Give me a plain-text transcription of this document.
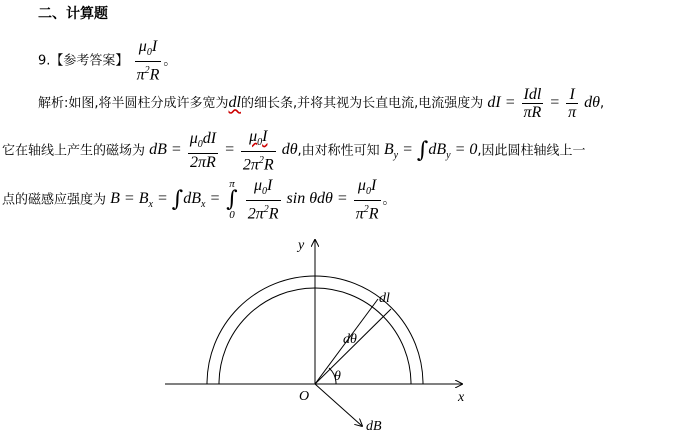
二、计算题
9.【参考答案】 $\frac{\mu_0I}{\pi^2R}$ 。
解析:如图,将半圆柱分成许多宽为dl的细长条,并将其视为长直电流,电流强度为 dI = $\frac{\text{Idl}}{\pi R} = \frac{I}{\pi} d\theta$,
它在轴线上产生的磁场为 dB = $\frac{\mu_0dI}{2\pi R} = \frac{\mu_0I}{2\pi^2R} d\theta$,由对称性可知 $B_y = \int dB_y = 0$,因此圆柱轴线上一
点的磁感应强度为 $B = B_x = \int dB_x$ =
π
∫
0
$\frac{\mu_0I}{2\pi^2R}$ $\sin \theta d\theta = \frac{\mu_0I}{\pi^2R}$ 。
y
x
O
dl
dθ
θ
dB
